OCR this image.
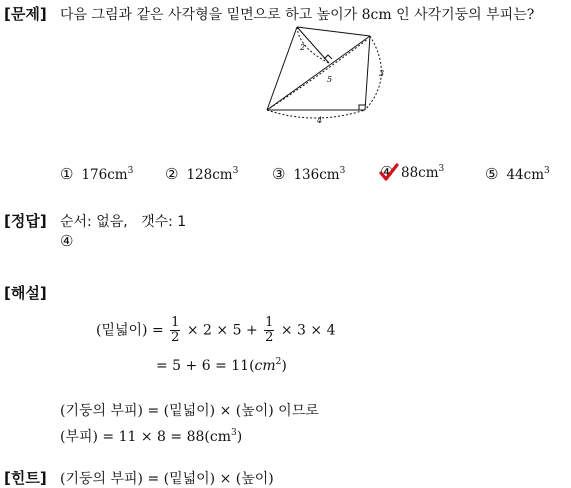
[문제] 다음 그림과 같은 사각형을 밑면으로 하고 높이가 8cm 인 사각기둥의 부피는?
2
5
3
4
① $176cm^3$ ② $128cm^3$ ③ $136cm^3$ ④ $88cm^3$	⑤ $44cm^3$
[정답] 순서: 없음,   갯수: 1
④
[해설]
(밑넓이) = $\frac{1}{2} \times 2 \times 5 + \frac{1}{2} \times 3 \times 4$
= $5 + 6 = 11(cm^2)$
(기둥의 부피) = (밑넓이) × (높이) 이므로
(부피) = $11 \times 8 = 88(cm^3)$
[힌트] (기둥의 부피) = (밑넓이) × (높이)
